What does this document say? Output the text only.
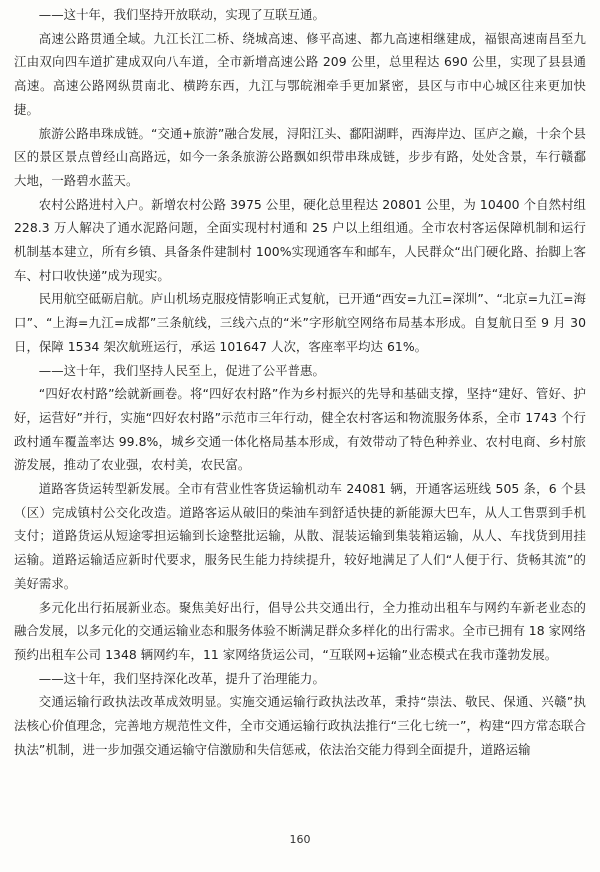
——这十年，我们坚持开放联动，实现了互联互通。

高速公路贯通全域。九江长江二桥、绕城高速、修平高速、都九高速相继建成，福银高速南昌至九江由双向四车道扩建成双向八车道，全市新增高速公路 209 公里，总里程达 690 公里，实现了县县通高速。高速公路网纵贯南北、横跨东西，九江与鄂皖湘牵手更加紧密，县区与市中心城区往来更加快捷。

旅游公路串珠成链。“交通+旅游”融合发展，浔阳江头、鄱阳湖畔，西海岸边、匡庐之巅，十余个县区的景区景点曾经山高路远，如今一条条旅游公路飘如织带串珠成链，步步有路，处处含景，车行赣鄱大地，一路碧水蓝天。

农村公路进村入户。新增农村公路 3975 公里，硬化总里程达 20801 公里，为 10400 个自然村组 228.3 万人解决了通水泥路问题，全面实现村村通和 25 户以上组组通。全市农村客运保障机制和运行机制基本建立，所有乡镇、具备条件建制村 100%实现通客车和邮车，人民群众“出门硬化路、抬脚上客车、村口收快递”成为现实。

民用航空砥砺启航。庐山机场克服疫情影响正式复航，已开通“西安=九江=深圳”、“北京=九江=海口”、“上海=九江=成都”三条航线，三线六点的“米”字形航空网络布局基本形成。自复航日至 9 月 30 日，保障 1534 架次航班运行，承运 101647 人次，客座率平均达 61%。

——这十年，我们坚持人民至上，促进了公平普惠。

“四好农村路”绘就新画卷。将“四好农村路”作为乡村振兴的先导和基础支撑，坚持“建好、管好、护好，运营好”并行，实施“四好农村路”示范市三年行动，健全农村客运和物流服务体系，全市 1743 个行政村通车覆盖率达 99.8%，城乡交通一体化格局基本形成，有效带动了特色种养业、农村电商、乡村旅游发展，推动了农业强，农村美，农民富。

道路客货运转型新发展。全市有营业性客货运输机动车 24081 辆，开通客运班线 505 条，6 个县（区）完成镇村公交化改造。道路客运从破旧的柴油车到舒适快捷的新能源大巴车，从人工售票到手机支付；道路货运从短途零担运输到长途整批运输，从散、混装运输到集装箱运输，从人、车找货到用挂运输。道路运输适应新时代要求，服务民生能力持续提升，较好地满足了人们“人便于行、货畅其流”的美好需求。

多元化出行拓展新业态。聚焦美好出行，倡导公共交通出行，全力推动出租车与网约车新老业态的融合发展，以多元化的交通运输业态和服务体验不断满足群众多样化的出行需求。全市已拥有 18 家网络预约出租车公司 1348 辆网约车，11 家网络货运公司，“互联网+运输”业态模式在我市蓬勃发展。

——这十年，我们坚持深化改革，提升了治理能力。

交通运输行政执法改革成效明显。实施交通运输行政执法改革，秉持“崇法、敬民、保通、兴赣”执法核心价值理念，完善地方规范性文件，全市交通运输行政执法推行“三化七统一”，构建“四方常态联合执法”机制，进一步加强交通运输守信激励和失信惩戒，依法治交能力得到全面提升，道路运输

160
